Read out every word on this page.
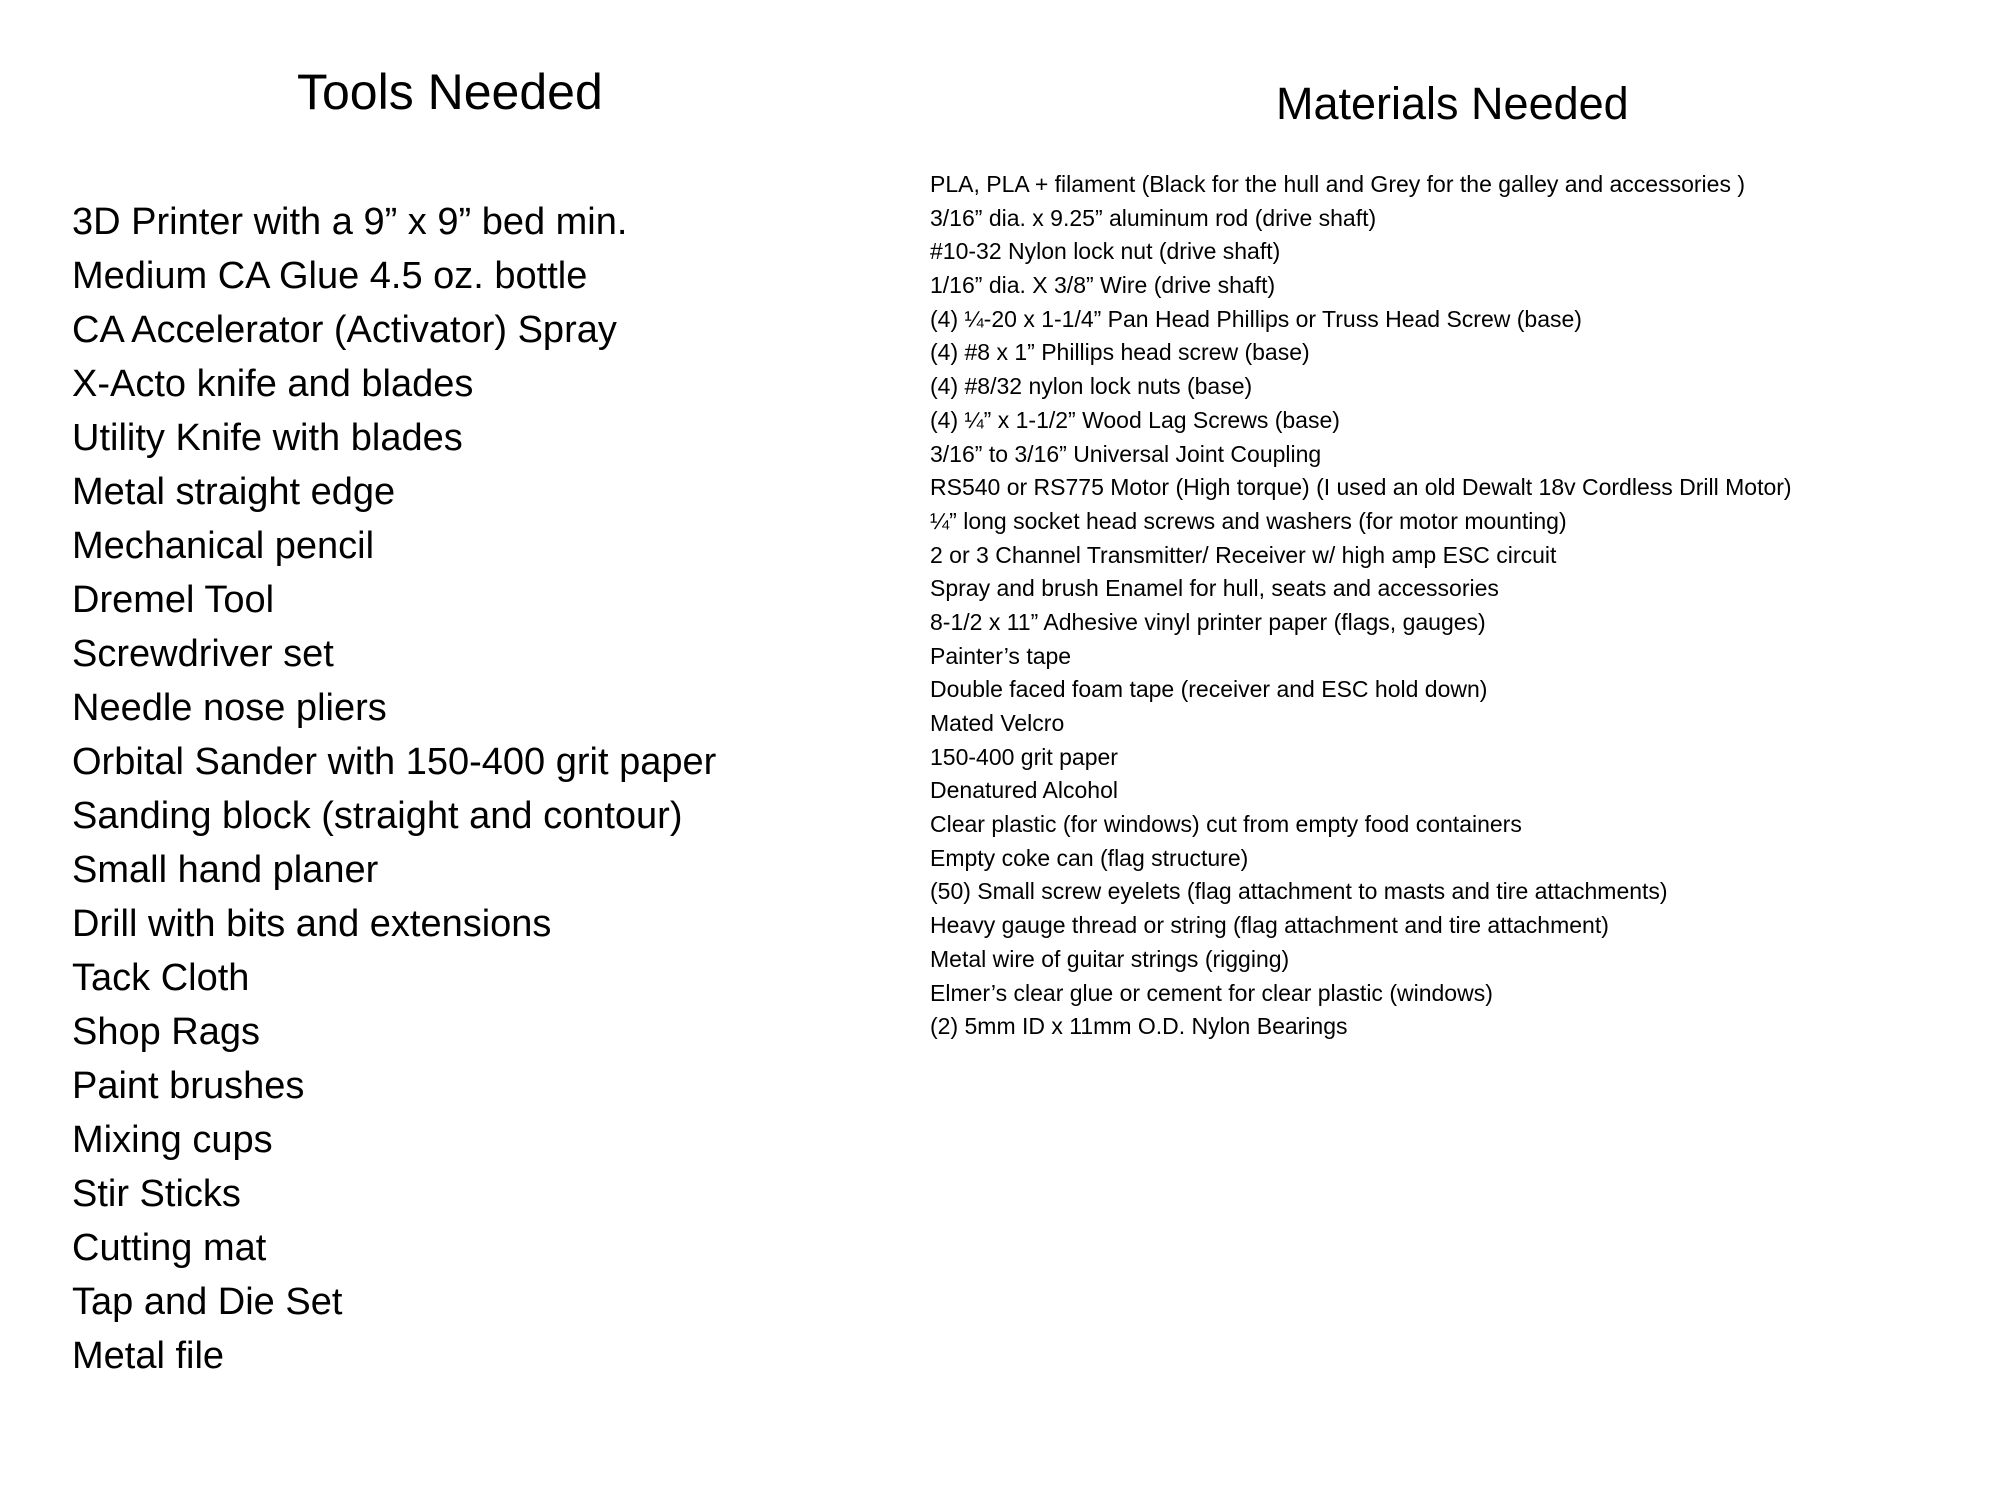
Tools Needed
3D Printer with a 9” x 9” bed min.
Medium CA Glue 4.5 oz. bottle
CA Accelerator (Activator) Spray
X-Acto knife and blades
Utility Knife with blades
Metal straight edge
Mechanical pencil
Dremel Tool
Screwdriver set
Needle nose pliers
Orbital Sander with 150-400 grit paper
Sanding block (straight and contour)
Small hand planer
Drill with bits and extensions
Tack Cloth
Shop Rags
Paint brushes
Mixing cups
Stir Sticks
Cutting mat
Tap and Die Set
Metal file
Materials Needed
PLA, PLA + filament (Black for the hull and Grey for the galley and accessories )
3/16” dia. x 9.25” aluminum rod (drive shaft)
#10-32 Nylon lock nut (drive shaft)
1/16” dia. X 3/8” Wire (drive shaft)
(4) ¼-20 x 1-1/4” Pan Head Phillips or Truss Head Screw (base)
(4) #8 x 1” Phillips head screw (base)
(4) #8/32 nylon lock nuts (base)
(4) ¼” x 1-1/2” Wood Lag Screws (base)
3/16” to 3/16” Universal Joint Coupling
RS540 or RS775 Motor (High torque) (I used an old Dewalt 18v Cordless Drill Motor)
¼” long socket head screws and washers (for motor mounting)
2 or 3 Channel Transmitter/ Receiver w/ high amp ESC circuit
Spray and brush Enamel for hull, seats and accessories
8-1/2 x 11” Adhesive vinyl printer paper (flags, gauges)
Painter’s tape
Double faced foam tape (receiver and ESC hold down)
Mated Velcro
150-400 grit paper
Denatured Alcohol
Clear plastic (for windows) cut from empty food containers
Empty coke can (flag structure)
(50) Small screw eyelets (flag attachment to masts and tire attachments)
Heavy gauge thread or string (flag attachment and tire attachment)
Metal wire of guitar strings (rigging)
Elmer’s clear glue or cement for clear plastic (windows)
(2) 5mm ID x 11mm O.D. Nylon Bearings
